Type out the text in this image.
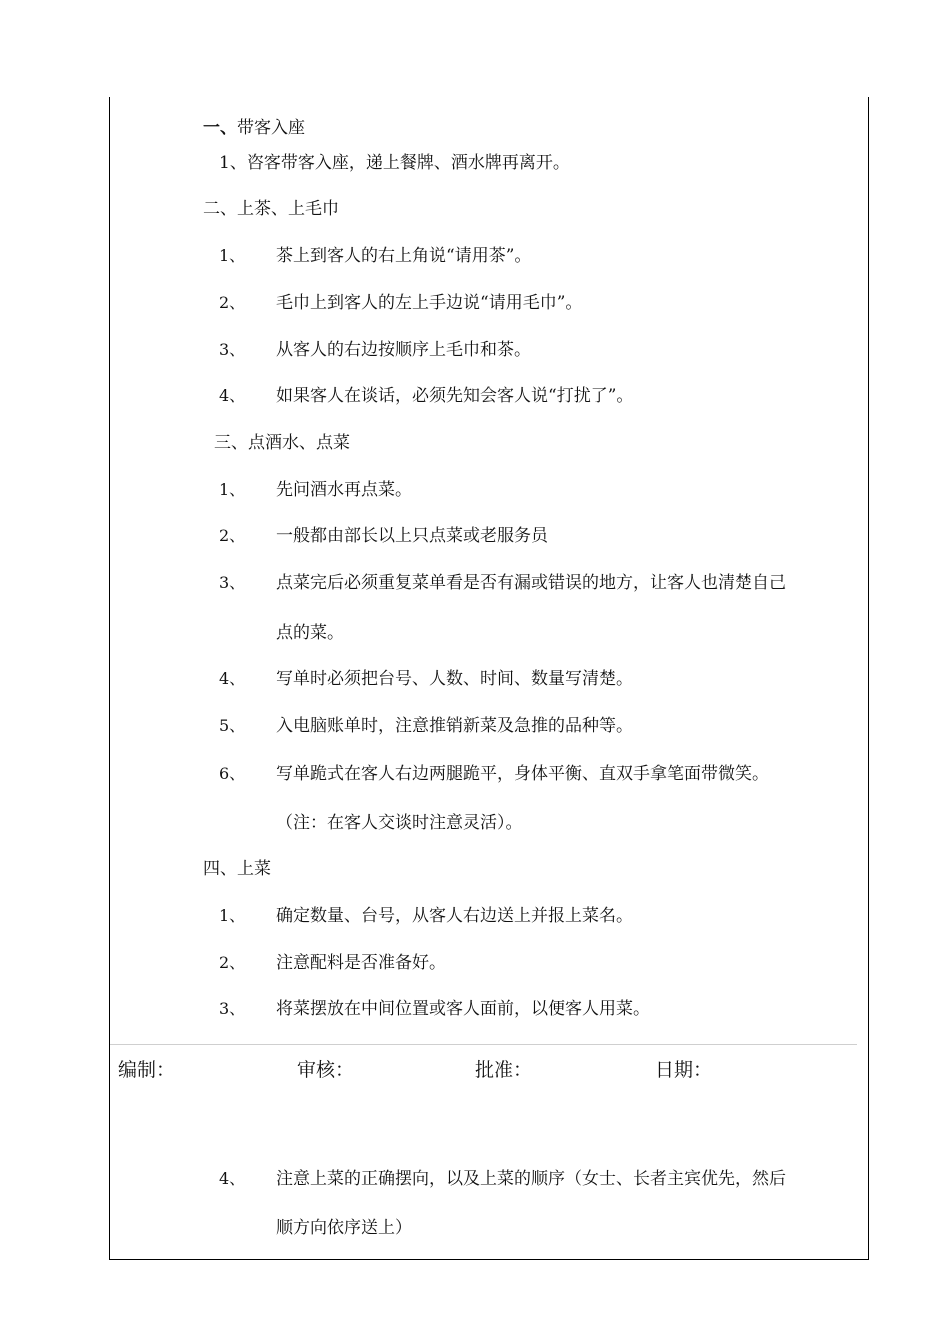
一、带客入座
1、咨客带客入座，递上餐牌、酒水牌再离开。
二、上茶、上毛巾
1、 茶上到客人的右上角说“请用茶”。
2、 毛巾上到客人的左上手边说“请用毛巾”。
3、 从客人的右边按顺序上毛巾和茶。
4、 如果客人在谈话，必须先知会客人说“打扰了”。
三、点酒水、点菜
1、 先问酒水再点菜。
2、 一般都由部长以上只点菜或老服务员
3、 点菜完后必须重复菜单看是否有漏或错误的地方，让客人也清楚自己
点的菜。
4、 写单时必须把台号、人数、时间、数量写清楚。
5、 入电脑账单时，注意推销新菜及急推的品种等。
6、 写单跪式在客人右边两腿跪平，身体平衡、直双手拿笔面带微笑。
（注：在客人交谈时注意灵活）。
四、上菜
1、 确定数量、台号，从客人右边送上并报上菜名。
2、 注意配料是否准备好。
3、 将菜摆放在中间位置或客人面前，以便客人用菜。
编制：	审核：	批准：	日期：
4、 注意上菜的正确摆向，以及上菜的顺序（女士、长者主宾优先，然后
顺方向依序送上）
